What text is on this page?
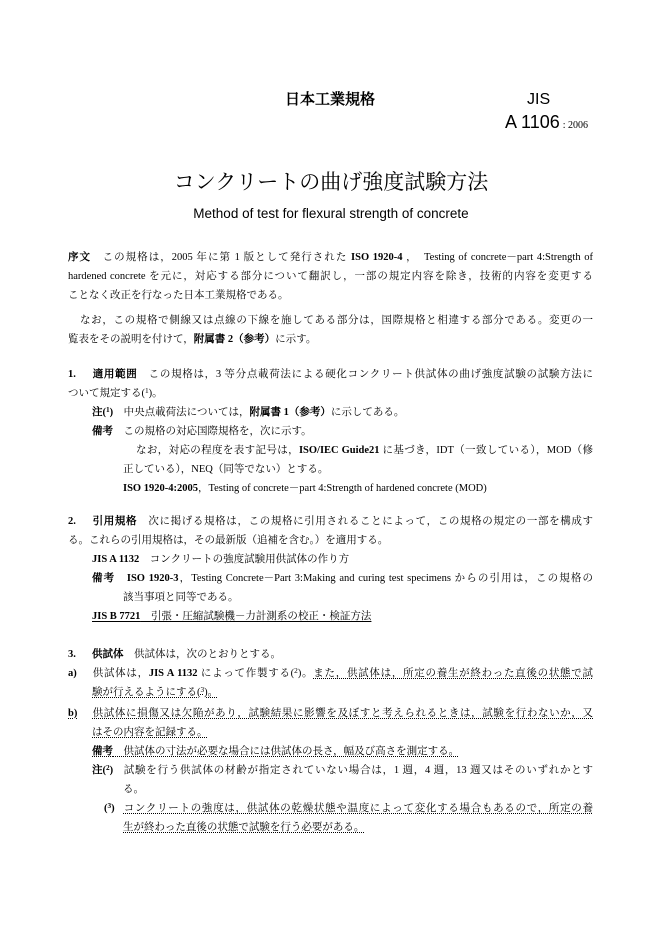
日本工業規格	JIS
A 1106 : 2006
コンクリートの曲げ強度試験方法
Method of test for flexural strength of concrete
序文　この規格は，2005 年に第 1 版として発行された ISO 1920-4 ，　Testing of concrete－part 4:Strength of
hardened concrete を元に，対応する部分について翻訳し，一部の規定内容を除き，技術的内容を変更する
ことなく改正を行なった日本工業規格である。
なお，この規格で側線又は点線の下線を施してある部分は，国際規格と相違する部分である。変更の一
覧表をその説明を付けて，附属書 2（参考）に示す。
1. 適用範囲　この規格は，3 等分点載荷法による硬化コンクリート供試体の曲げ強度試験の試験方法に
ついて規定する($^1$)。
注($^1$)　中央点載荷法については，附属書 1（参考）に示してある。
備考　この規格の対応国際規格を，次に示す。
なお，対応の程度を表す記号は，ISO/IEC Guide21 に基づき，IDT（一致している），MOD（修
正している），NEQ（同等でない）とする。
ISO 1920-4:2005，Testing of concrete－part 4:Strength of hardened concrete (MOD)
2. 引用規格　次に掲げる規格は，この規格に引用されることによって，この規格の規定の一部を構成す
る。これらの引用規格は，その最新版（追補を含む。）を適用する。
JIS A 1132　コンクリートの強度試験用供試体の作り方
備考　 ISO 1920-3，Testing Concrete－Part 3:Making and curing test specimens からの引用は，この規格の
該当事項と同等である。
JIS B 7721　引張・圧縮試験機－力計測系の校正・検証方法
3. 供試体　供試体は，次のとおりとする。
a) 供試体は，JIS A 1132 によって作製する($^2$)。また，供試体は，所定の養生が終わった直後の状態で試
験が行えるようにする($^3$)。
b) 供試体に損傷又は欠陥があり，試験結果に影響を及ぼすと考えられるときは，試験を行わないか，又
はその内容を記録する。
備考　供試体の寸法が必要な場合には供試体の長さ，幅及び高さを測定する。
注($^2$) 試験を行う供試体の材齢が指定されていない場合は，1 週，4 週，13 週又はそのいずれかとす
る。
($^3$) コンクリートの強度は，供試体の乾燥状態や温度によって変化する場合もあるので，所定の養
生が終わった直後の状態で試験を行う必要がある。
